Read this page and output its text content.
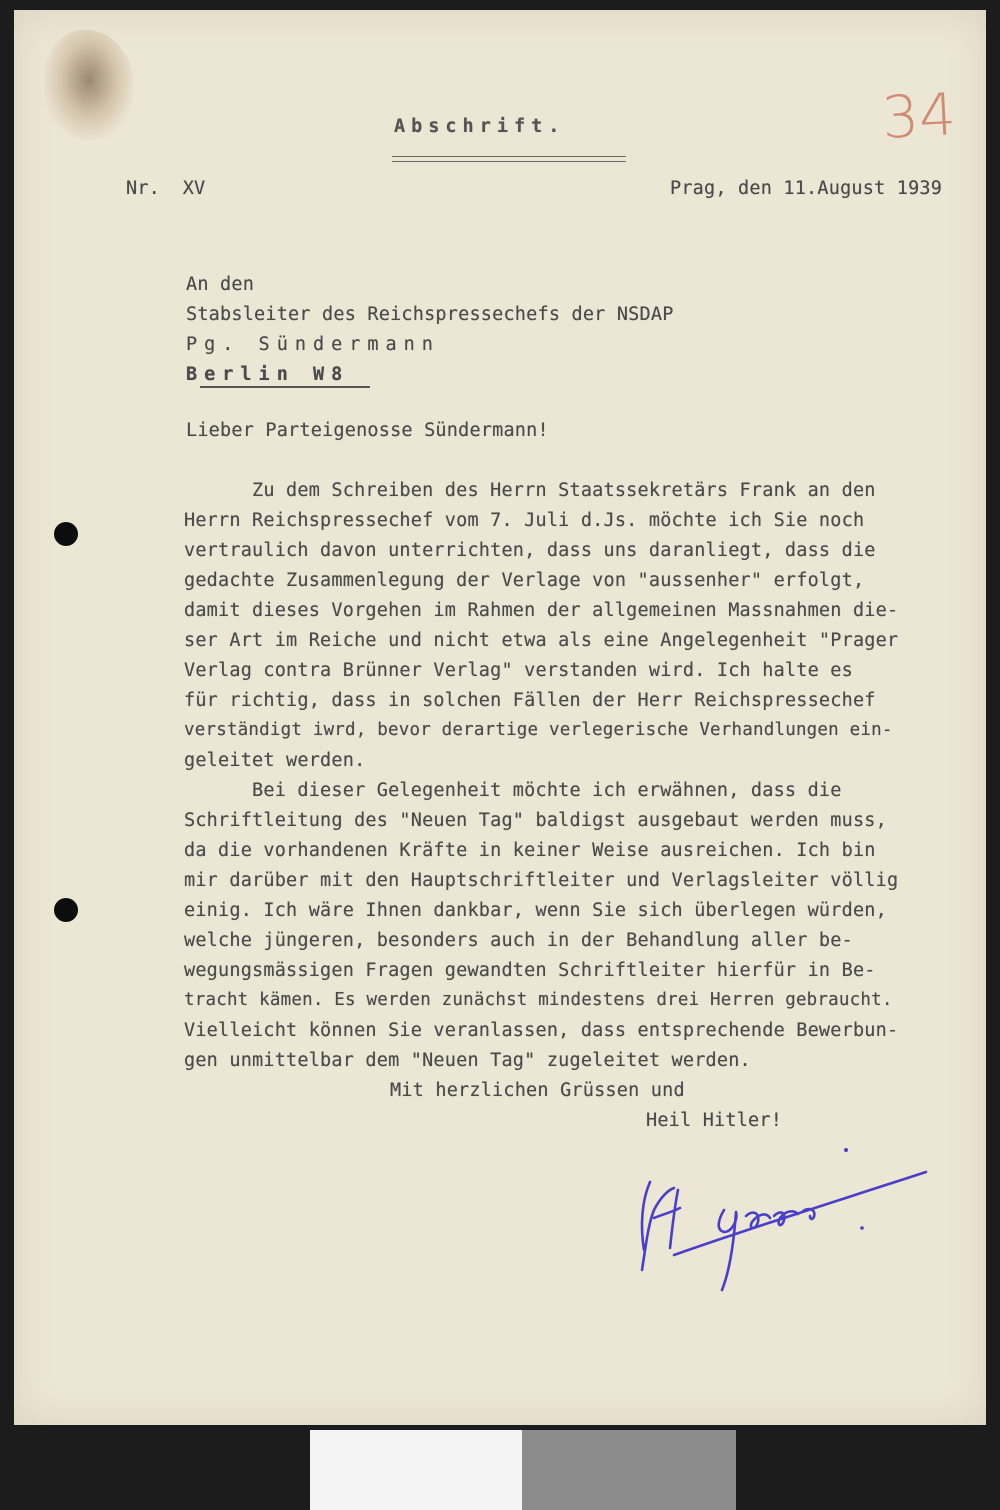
34
Abschrift.
Nr.  XV	Prag, den 11.August 1939
An den
Stabsleiter des Reichspressechefs der NSDAP
Pg. Sündermann
Berlin W8
Lieber Parteigenosse Sündermann!
Zu dem Schreiben des Herrn Staatssekretärs Frank an den
Herrn Reichspressechef vom 7. Juli d.Js. möchte ich Sie noch
vertraulich davon unterrichten, dass uns daranliegt, dass die
gedachte Zusammenlegung der Verlage von "aussenher" erfolgt,
damit dieses Vorgehen im Rahmen der allgemeinen Massnahmen die-
ser Art im Reiche und nicht etwa als eine Angelegenheit "Prager
Verlag contra Brünner Verlag" verstanden wird. Ich halte es
für richtig, dass in solchen Fällen der Herr Reichspressechef
verständigt iwrd, bevor derartige verlegerische Verhandlungen ein-
geleitet werden.
Bei dieser Gelegenheit möchte ich erwähnen, dass die
Schriftleitung des "Neuen Tag" baldigst ausgebaut werden muss,
da die vorhandenen Kräfte in keiner Weise ausreichen. Ich bin
mir darüber mit den Hauptschriftleiter und Verlagsleiter völlig
einig. Ich wäre Ihnen dankbar, wenn Sie sich überlegen würden,
welche jüngeren, besonders auch in der Behandlung aller be-
wegungsmässigen Fragen gewandten Schriftleiter hierfür in Be-
tracht kämen. Es werden zunächst mindestens drei Herren gebraucht.
Vielleicht können Sie veranlassen, dass entsprechende Bewerbun-
gen unmittelbar dem "Neuen Tag" zugeleitet werden.
Mit herzlichen Grüssen und
Heil Hitler!
